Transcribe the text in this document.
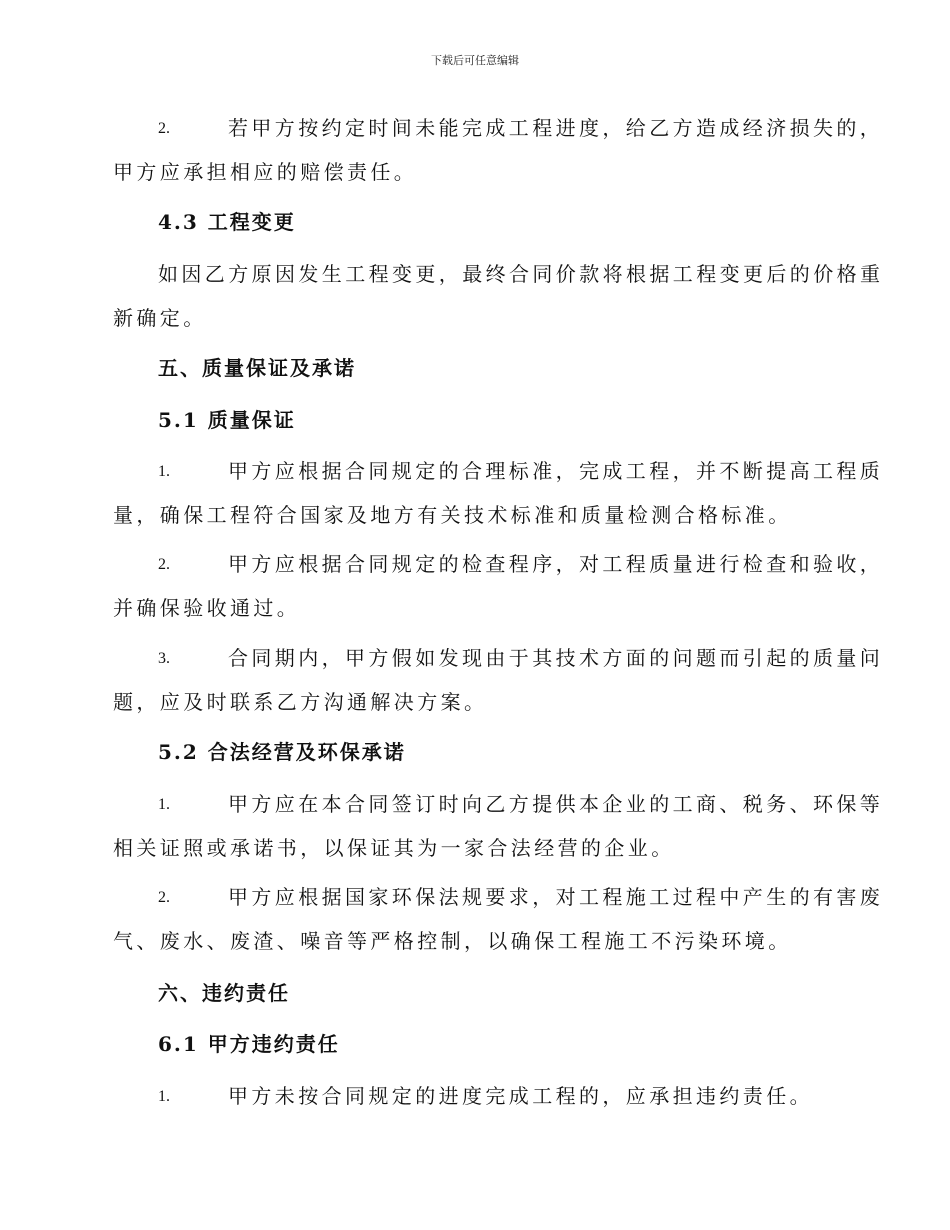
下载后可任意编辑
2.	若甲方按约定时间未能完成工程进度，给乙方造成经济损失的，
甲方应承担相应的赔偿责任。
4.3 工程变更
如因乙方原因发生工程变更，最终合同价款将根据工程变更后的价格重
新确定。
五、质量保证及承诺
5.1 质量保证
1.	甲方应根据合同规定的合理标准，完成工程，并不断提高工程质
量，确保工程符合国家及地方有关技术标准和质量检测合格标准。
2.	甲方应根据合同规定的检查程序，对工程质量进行检查和验收，
并确保验收通过。
3.	合同期内，甲方假如发现由于其技术方面的问题而引起的质量问
题，应及时联系乙方沟通解决方案。
5.2 合法经营及环保承诺
1.	甲方应在本合同签订时向乙方提供本企业的工商、税务、环保等
相关证照或承诺书，以保证其为一家合法经营的企业。
2.	甲方应根据国家环保法规要求，对工程施工过程中产生的有害废
气、废水、废渣、噪音等严格控制，以确保工程施工不污染环境。
六、违约责任
6.1 甲方违约责任
1.	甲方未按合同规定的进度完成工程的，应承担违约责任。
